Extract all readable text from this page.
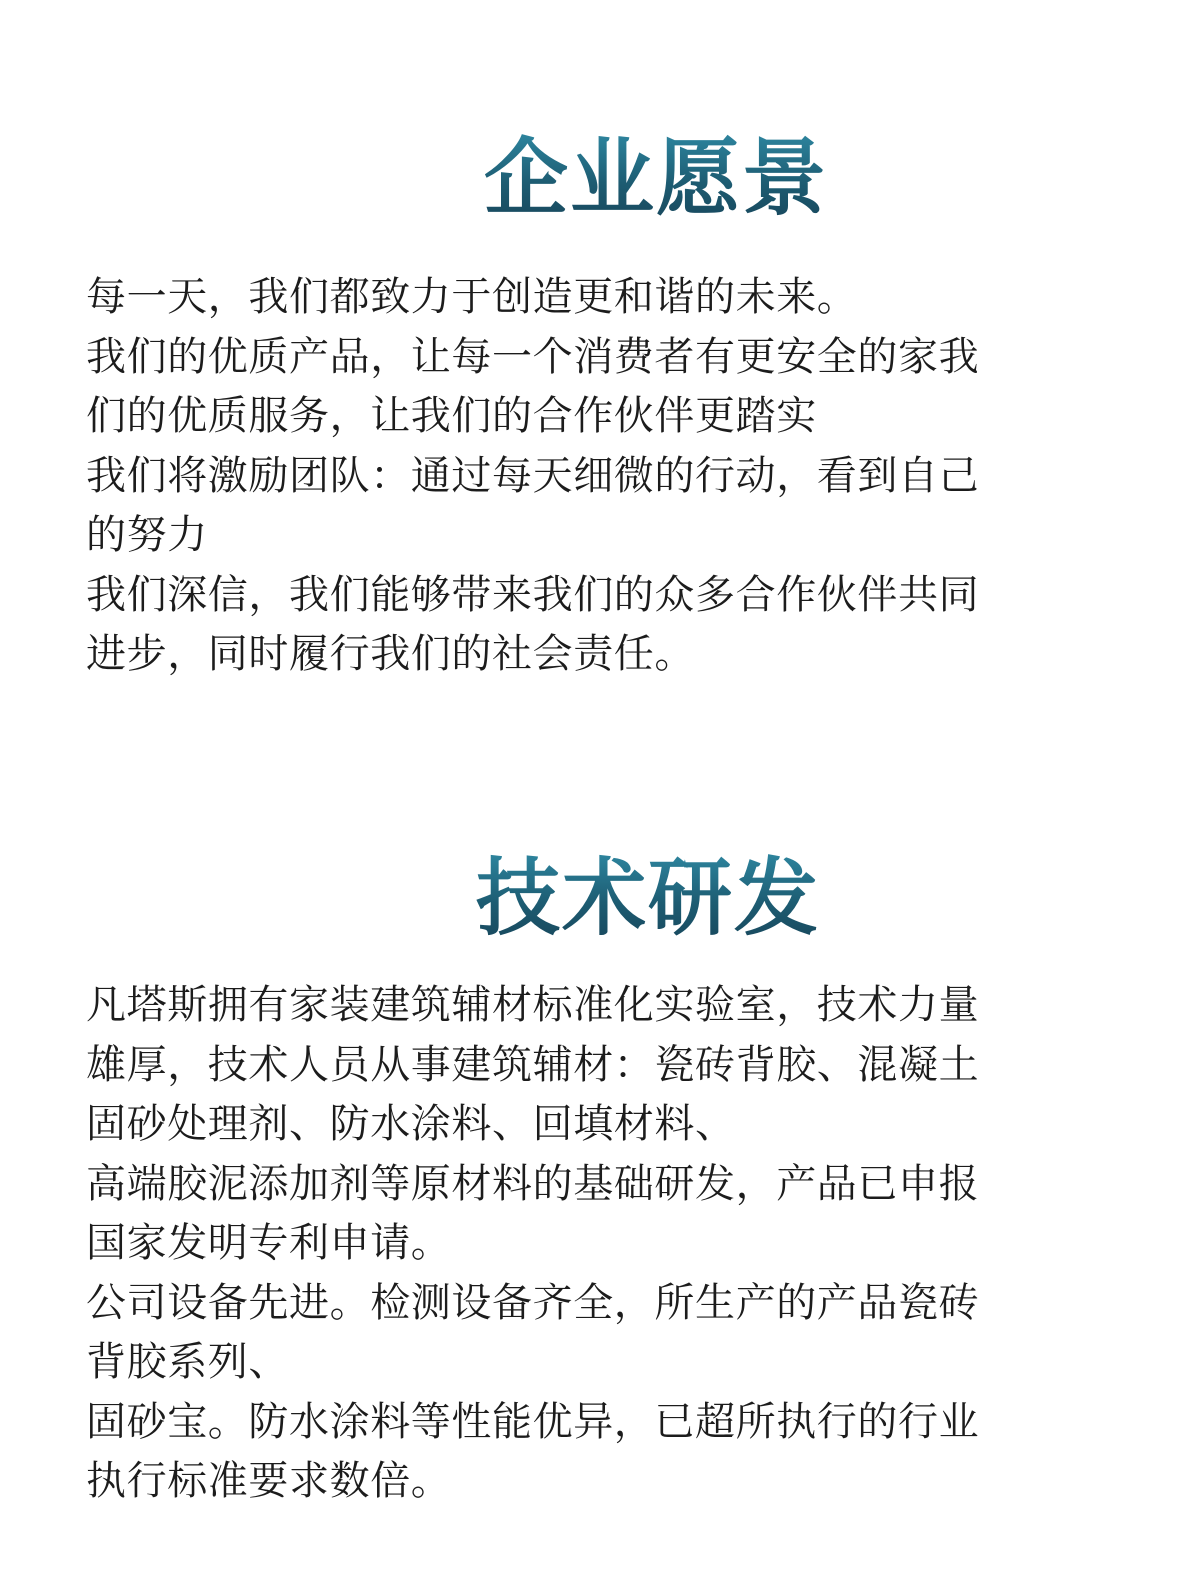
企业愿景
每一天，我们都致力于创造更和谐的未来。
我们的优质产品，让每一个消费者有更安全的家我
们的优质服务，让我们的合作伙伴更踏实
我们将激励团队：通过每天细微的行动，看到自己
的努力
我们深信，我们能够带来我们的众多合作伙伴共同
进步，同时履行我们的社会责任。
技术研发
凡塔斯拥有家装建筑辅材标准化实验室，技术力量
雄厚，技术人员从事建筑辅材：瓷砖背胶、混凝土
固砂处理剂、防水涂料、回填材料、
高端胶泥添加剂等原材料的基础研发，产品已申报
国家发明专利申请。
公司设备先进。检测设备齐全，所生产的产品瓷砖
背胶系列、
固砂宝。防水涂料等性能优异，已超所执行的行业
执行标准要求数倍。
